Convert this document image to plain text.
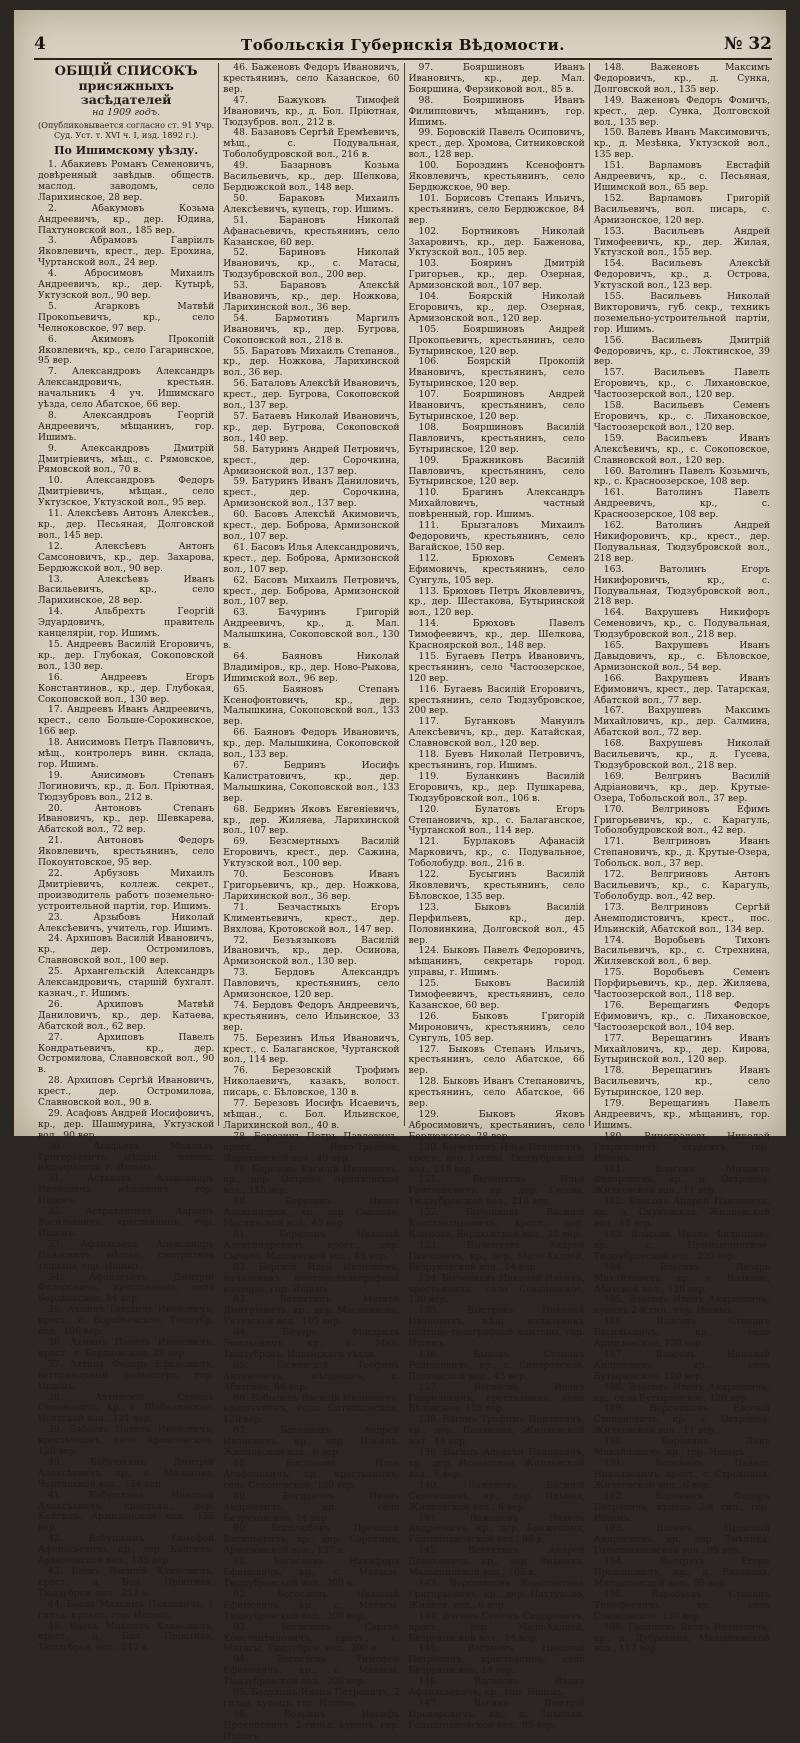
4	Тобольскія Губернскія Вѣдомости.	№ 32
ОБЩІЙ СПИСОКЪ
присяжныхъ засѣдателей
на 1909 годъ.
(Опубликовывается согласно ст. 91 Учр. Суд. Уст. т. XVI ч. I, изд. 1892 г.).
По Ишимскому уѣзду.

1. Абакиевъ Романъ Семеновичъ, довѣренный завѣдыв. обществ. маслод. заводомъ, село Ларихинское, 28 вер.

2. Абакумовъ Козьма Андреевичъ, кр., дер. Юдина, Пахтуновской вол., 185 вер.

3. Абрамовъ Гавріилъ Яковлевичъ, крест., дер. Ерохина, Чуртанской вол., 24 вер.

4. Абросимовъ Михаилъ Андреевичъ, кр., дер. Кутырѣ, Уктузской вол., 90 вер.

5. Агарковъ Матвѣй Прокопьевичъ, кр., село Челноковское, 97 вер.

6. Акимовъ Прокопій Яковлевичъ, кр., село Гагаринское, 95 вер.

7. Александровъ Александръ Александровичъ, крестьян. начальникъ 4 уч. Ишимскаго уѣзда, село Абатское, 66 вер.

8. Александровъ Георгій Андреевичъ, мѣщанинъ, гор. Ишимъ.

9. Александровъ Дмитрій Дмитріевичъ, мѣщ., с. Рямовское, Рямовской вол., 70 в.

10. Александровъ Федоръ Дмитріевичъ, мѣщан., село Уктузское, Уктузской вол., 95 вер.

11. Алексѣевъ Антонъ Алексѣев., кр., дер. Песьяная, Долговской вол., 145 вер.

12. Алексѣевъ Антонъ Самсоновичъ, кр., дер. Захарова, Бердюжской вол., 90 вер.

13. Алексѣевъ Иванъ Васильевичъ, кр., село Ларихинское, 28 вер.

14. Альбрехтъ Георгій Эдуардовичъ, правитель канцеляріи, гор. Ишимъ.

15. Андреевъ Василій Егоровичъ, кр., дер. Глубокая, Сокоповской вол., 130 вер.

16. Андреевъ Егоръ Константинов., кр., дер. Глубокая, Сокоповской вол., 130 вер.

17. Андреевъ Иванъ Андреевичъ, крест., село Больше-Сорокинское, 166 вер.

18. Анисимовъ Петръ Павловичъ, мѣщ., контролеръ винн. склада, гор. Ишимъ.

19. Анисимовъ Степанъ Логиновичъ, кр., д. Бол. Пріютная, Тюдзубровъ вол., 212 в.

20. Антоновъ Степанъ Ивановичъ, кр., дер. Шевкарева, Абатской вол., 72 вер.

21. Антоновъ Федоръ Яковлевичъ, крестьянинъ, село Покоунтовское, 95 вер.

22. Арбузовъ Михаилъ Дмитріевичъ, коллеж. секрет., производитель работъ поземельно-устроительной партіи, гор. Ишимъ.

23. Арзыбовъ Николай Алексѣевичъ, учитель, гор. Ишимъ.

24. Архиповъ Василій Ивановичъ, кр., дер. Остромиловъ, Славновской вол., 100 вер.

25. Архангельскій Александръ Александровичъ, старшій бухгалт. казнач., г. Ишимъ.

26. Архиповъ Матвѣй Даниловичъ, кр., дер. Катаева, Абатской вол., 62 вер.

27. Архиповъ Павелъ Кондратьевичъ, кр., дер. Остромилова, Славновской вол., 90 в.

28. Архиповъ Сергѣй Ивановичъ, крест., дер. Остромилова, Славновской вол., 90 в.

29. Асафовъ Андрей Иосифовичъ, кр., дер. Шашмурина, Уктузской вол., 90 вер.

30. Асафьевъ Михаилъ Григорьевичъ, мѣщан., помощ. надзирателя, г. Ишимъ.

31. Астаховъ Александръ Ивановичъ, мѣщанинъ, гор. Ишимъ.

32. Астраханцевъ Адріанъ Васильевичъ, крестьянинъ, гор. Ишимъ.

33. Афанасьевъ Александръ Павловичъ, мѣщан., смотритель тюрьмы, гор. Ишимъ.

34. Афанасьевъ Дмитрій Федоровичъ, крестьянинъ, село Бердюжское, 84 вер.

35. Ахминъ Гавріилъ Ивановичъ, крест., с. Воробьевское, Тюдзубр. вол., 106 вер.

36. Ахминъ Павелъ Ивановичъ, крест., с. Бердюжское, 28 вер.

37. Ахтинъ Федоръ Ефимовичъ, ветеринарный фельдшеръ, гор. Ишимъ.

38. Ахтинскій Семенъ Семеновичъ, кр., с. Шабалинское, Исетской вол., 121 вер.

39. Бабаевъ Павелъ Ивановичъ, крестьянинъ, село Армизонское, 120 вер.

40. Бабушкинъ Дмитрій Алексѣевичъ, кр., с. Малахово, Чуртанской вол., 134 вер.

41. Бабушкинъ Николай Алексѣевичъ, крестьян., дер. Кайгилъ, Армизонской вол., 135 вер.

42. Бабушкинъ Тимофей Афанасьевичъ, кр., дер. Кайгилъ, Армизонской вол., 135 вер.

43. Баевъ Василій Климовичъ, крест., д. Бол. Пріютная, Тюдзубров. вол., 212 в.

44. Баевъ Максимъ Павловичъ, 1 гильд. купецъ, гор. Ишимъ.

45. Баевъ Михаилъ Климовичъ, крест., д. Бол. Пріютная, Тюдзубров. вол., 212 в.

46. Баженовъ Федоръ Ивановичъ, крестьянинъ, село Казанское, 60 вер.

47. Бажуковъ Тимофей Ивановичъ, кр., д. Бол. Пріютная, Тюдзубров. вол., 212 в.

48. Базановъ Сергѣй Еремѣевичъ, мѣщ., с. Подувальная, Тоболобудровской вол., 216 в.

49. Базарновъ Козьма Васильевичъ, кр., дер. Шелкова, Бердюжской вол., 148 вер.

50. Бараковъ Михаилъ Алексѣевичъ, купецъ, гор. Ишимъ.

51. Барановъ Николай Афанасьевичъ, крестьянинъ, село Казанское, 60 вер.

52. Бариновъ Николай Ивановичъ, кр., с. Матасы, Тюдзубровской вол., 200 вер.

53. Барановъ Алексѣй Ивановичъ, кр., дер. Ножкова, Ларихинской вол., 36 вер.

54. Бармотинъ Маргилъ Ивановичъ, кр., дер. Бугрова, Сокоповской вол., 218 в.

55. Баратовъ Михаилъ Степанов., кр., дер. Ножкова, Ларихинской вол., 36 вер.

56. Баталовъ Алексѣй Ивановичъ, крест., дер. Бугрова, Сокоповской вол., 137 вер.

57. Батаевъ Николай Ивановичъ, кр., дер. Бугрова, Сокоповской вол., 140 вер.

58. Батуринъ Андрей Петровичъ, крест., дер. Сорочкина, Армизонской вол., 137 вер.

59. Батуринъ Иванъ Даниловичъ, крест., дер. Сорочкина, Армизонской вол., 137 вер.

60. Басовъ Алексѣй Акимовичъ, крест., дер. Боброва, Армизонской вол., 107 вер.

61. Басовъ Илья Александровичъ, крест., дер. Боброва, Армизонской вол., 107 вер.

62. Басовъ Михаилъ Петровичъ, крест., дер. Боброва, Армизонской вол., 107 вер.

63. Бачуринъ Григорій Андреевичъ, кр., д. Мал. Малышкина, Сокоповской вол., 130 в.

64. Баяновъ Николай Владиміров., кр., дер. Ново-Рыкова, Ишимской вол., 96 вер.

65. Баяновъ Степанъ Ксенофонтовичъ, кр., дер. Малышкина, Сокоповской вол., 133 вер.

66. Баяновъ Федоръ Ивановичъ, кр., дер. Малышкина, Сокоповской вол., 133 вер.

67. Бедринъ Иосифъ Калистратовичъ, кр., дер. Малышкина, Сокоповской вол., 133 вер.

68. Бедринъ Яковъ Евгеніевичъ, кр., дер. Жиляева, Ларихинской вол., 107 вер.

69. Безсмертныхъ Василій Егоровичъ, крест., дер. Сажина, Уктузской вол., 100 вер.

70. Безсоновъ Иванъ Григорьевичъ, кр., дер. Ножкова, Ларихинской вол., 36 вер.

71. Безчастныхъ Егоръ Климентьевичъ, крест., дер. Вяхлова, Кротовской вол., 147 вер.

72. Безъязыковъ Василій Ивановичъ, кр., дер. Осинова, Армизонской вол., 130 вер.

73. Бердовъ Александръ Павловичъ, крестьянинъ, село Армизонское, 120 вер.

74. Бердовъ Федоръ Андреевичъ, крестьянинъ, село Ильинское, 33 вер.

75. Березинъ Илья Ивановичъ, крест., с. Балаганское, Чуртанской вол., 114 вер.

76. Березовскій Трофимъ Николаевичъ, казакъ, волост. писарь, с. Бѣловское, 130 в.

77. Березовъ Иосифъ Исаевичъ, мѣщан., с. Бол. Ильинское, Ларихинской вол., 40 в.

78. Березинъ Петръ Павловичъ, крест., с. Ново-Травное, Ларихинской вол., 40 вер.

79. Березовъ Василій Ивановичъ, кр., дер. Острова, Армизонской вол., 115 вер.

80. Березинъ Иванъ Александров., кр., дер. Сысоева, Маслянской вол., 45 вер.

81. Березинъ Николай Александровичъ, крест., дер. Сычева, Маслянской вол., 45 вер.

82. Берскій Илья Ивановичъ, начальникъ почтово-телеграфной конторы, гор. Ишимъ.

83. Бетехтинъ Матвѣй Дмитріевичъ, кр., дер. Масленкова, Уктузской вол., 105 вер.

84. Бечурь Фридрихъ Эмильевичъ, кр., с. Мал. Тюдзубровъ, Ишимскаго уѣзда.

85. Бижевскій Теофилъ Антоновичъ, мѣщанинъ, с. Абатское, 66 вер.

86. Бобылевъ Василій Ивановичъ, крестьянинъ, село Ситниковское, 129 вер.

87. Богдановъ Андрей Ивановичъ, кр., дер. Ильина, Жиляевской вол., 6 вер.

88. Богдановъ Илья Агафоновичъ, кр., крестьянинъ, село Сокоповское, 130 вер.

89. Богдановъ Иванъ Андреевичъ, кр., село Безруковское, 14 вер.

90. Боголюбовъ Прокопій Васильевичъ, кр., дер. Сорокина, Армизонской вол., 137 в.

91. Богословъ Никифоръ Ефимовичъ, кр., с. Матасы, Тюдзубровской вол., 200 в.

92. Богословъ Николай Ефимовичъ, кр., с. Матасы, Тюдзубровской вол., 200 вер.

93. Богословъ Сергѣй Константиновичъ, крест., с. Матасы, Тюдзубров. вол., 200 в.

94. Богословъ Тимофей Ефимовичъ, кр., с. Матасы, Тюдзубровской вол., 200 вер.

95. Бодухинъ Иванъ Петровичъ, 2 гильд. купецъ, гор. Ишимъ.

96. Бояринъ Иосифъ Прокоповичъ, 2 гильд. купецъ, гор. Ишимъ.

97. Бояршиновъ Иванъ Ивановичъ, кр., дер. Мал. Бояршина, Ферзиковой вол., 85 в.

98. Бояршиновъ Иванъ Филипповичъ, мѣщанинъ, гор. Ишимъ.

99. Боровскій Павелъ Осиповичъ, крест., дер. Хромова, Ситниковской вол., 128 вер.

100. Бороздинъ Ксенофонтъ Яковлевичъ, крестьянинъ, село Бердюжское, 90 вер.

101. Борисовъ Степанъ Ильичъ, крестьянинъ, село Бердюжское, 84 вер.

102. Бортниковъ Николай Захаровичъ, кр., дер. Баженова, Уктузской вол., 105 вер.

103. Бояринъ Дмитрій Григорьев., кр., дер. Озерная, Армизонской вол., 107 вер.

104. Боярскій Николай Егоровичъ, кр., дер. Озерная, Армизонской вол., 120 вер.

105. Бояршиновъ Андрей Прокопьевичъ, крестьянинъ, село Бутыринское, 120 вер.

106. Боярскій Прокопій Ивановичъ, крестьянинъ, село Бутыринское, 120 вер.

107. Бояршиновъ Андрей Ивановичъ, крестьянинъ, село Бутыринское, 120 вер.

108. Бояршиновъ Василій Павловичъ, крестьянинъ, село Бутыринское, 120 вер.

109. Бражниковъ Василій Павловичъ, крестьянинъ, село Бутыринское, 120 вер.

110. Брагинъ Александръ Михайловичъ, частный повѣренный, гор. Ишимъ.

111. Брызгаловъ Михаилъ Федоровичъ, крестьянинъ, село Вагайское, 150 вер.

112. Брюховъ Семенъ Ефимовичъ, крестьянинъ, село Сунгуль, 105 вер.

113. Брюховъ Петръ Яковлевичъ, кр., дер. Шестакова, Бутыринской вол., 120 вер.

114. Брюховъ Павелъ Тимофеевичъ, кр., дер. Шелкова, Красноярской вол., 148 вер.

115. Бугаевъ Петръ Ивановичъ, крестьянинъ, село Частоозерское, 120 вер.

116. Бугаевъ Василій Егоровичъ, крестьянинъ, село Тюдзубровское, 200 вер.

117. Буганковъ Мануилъ Алексѣевичъ, кр., дер. Катайская, Славновской вол., 120 вер.

118. Буевъ Николай Петровичъ, крестьянинъ, гор. Ишимъ.

119. Буланкинъ Василій Егоровичъ, кр., дер. Пушкарева, Тюдзубровской вол., 106 в.

120. Булатовъ Егоръ Степановичъ, кр., с. Балаганское, Чуртанской вол., 114 вер.

121. Бурлаковъ Афанасій Марковичъ, кр., с. Подувальное, Тоболобудр. вол., 216 в.

122. Бусыгинъ Василій Яковлевичъ, крестьянинъ, село Бѣловское, 135 вер.

123. Быковъ Василій Перфильевъ, кр., дер. Половинкина, Долговской вол., 45 вер.

124. Быковъ Павелъ Федоровичъ, мѣщанинъ, секретарь город. управы, г. Ишимъ.

125. Быковъ Василій Тимофеевичъ, крестьянинъ, село Казанское, 60 вер.

126. Быковъ Григорій Мироновичъ, крестьянинъ, село Сунгуль, 105 вер.

127. Быковъ Степанъ Ильичъ, крестьянинъ, село Абатское, 66 вер.

128. Быковъ Иванъ Степановичъ, крестьянинъ, село Абатское, 66 вер.

129. Быковъ Яковъ Абросимовичъ, крестьянинъ, село Бердюжское, 28 вер.

130. Быченковъ Илья Ивановичъ, крест., дер. Гусева, Тюдзубровской вол., 218 вер.

131. Быченковъ Илья Григорьевичъ, кр., дер. Гусева, Тюдзубровской вол., 218 вер.

132. Быченковъ Василій Константиновичъ, крест., дер. Климова, Бердюжской вол., 25 вер.

133. Быченковъ Андрей Павловичъ, кр., дер. Мало-Халдей, Безруковской вол., 14 вер.

134. Быченковъ Николай Ильичъ, крестьянинъ, село Сокоповское, 130 вер.

135. Быстровъ Николай Ивановичъ, мѣщ., начальникъ почтово-телеграфной конторы, гор. Ишимъ.

136. Быховъ Степанъ Родіоновичъ, кр., с. Сидоровское, Долговской вол., 45 вер.

137. Вагановъ Иванъ Гавриловичъ, крестьянинъ, село Бѣловское, 135 вер.

138. Ваганъ Трофимъ Павловичъ, кр., дер. Паламина, Жиляевской вол., 14 вер.

139. Вагинъ Алексѣй Ивановичъ, кр., дер. Исаевщина, Жиляевской вол., 6 вер.

140. Важеновъ Василій Семеновичъ, кр., дер. Ильина, Жиляевской вол., 6 вер.

141. Важеновъ Павелъ Андреевичъ, кр., дер. Бражекина, Голышмановской вол., 98 в.

142. Ветехтинъ Андрей Денисовичъ, кр., дер. Змѣинка, Малышинской вол., 105 в.

143. Ворошиловъ Константинъ Григорьевичъ, кр., дер. Пахтуново, Жиляев. вол., 6 вер.

144. Вагинъ Семенъ Сидоровичъ, крест., дер. Мало-Халдей, Безруковской вол., 14 вер.

145. Вагиновъ Николай Петровичъ, крестьянинъ, село Безруковское, 14 вер.

146. Вагановъ Иванъ Афанасьевичъ, кр., гор. Ишимъ.

147. Вагинъ Дмитрій Прохоровичъ, кр., д. Змѣинка, Голышмановской вол., 95 вер.

148. Важеновъ Максимъ Федоровичъ, кр., д. Сунка, Долговской вол., 135 вер.

149. Важеновъ Федоръ Фомичъ, крест., дер. Сунка, Долговской вол., 135 вер.

150. Валевъ Иванъ Максимовичъ, кр., д. Мезѣнка, Уктузской вол., 135 вер.

151. Варламовъ Евстафій Андреевичъ, кр., с. Песьяная, Ишимской вол., 65 вер.

152. Варламовъ Григорій Васильевичъ, вол. писарь, с. Армизонское, 120 вер.

153. Васильевъ Андрей Тимофеевичъ, кр., дер. Жилая, Уктузской вол., 155 вер.

154. Васильевъ Алексѣй Федоровичъ, кр., д. Острова, Уктузской вол., 123 вер.

155. Васильевъ Николай Викторовичъ, губ. секр., техникъ поземельно-устроительной партіи, гор. Ишимъ.

156. Васильевъ Дмитрій Федоровичъ, кр., с. Локтинское, 39 вер.

157. Васильевъ Павелъ Егоровичъ, кр., с. Лихановское, Частоозерской вол., 120 вер.

158. Васильевъ Семенъ Егоровичъ, кр., с. Лихановское, Частоозерской вол., 120 вер.

159. Васильевъ Иванъ Алексѣевичъ, кр., с. Сокоповское, Славновской вол., 120 вер.

160. Ватолинъ Павелъ Козьмичъ, кр., с. Красноозерское, 108 вер.

161. Ватолинъ Павелъ Андреевичъ, кр., с. Красноозерское, 108 вер.

162. Ватолинъ Андрей Никифоровичъ, кр., крест., дер. Подувальная, Тюдзубровской вол., 218 вер.

163. Ватолинъ Егоръ Никифоровичъ, кр., с. Подувальная, Тюдзубровской вол., 218 вер.

164. Вахрушевъ Никифоръ Семеновичъ, кр., с. Подувальная, Тюдзубровской вол., 218 вер.

165. Вахрушевъ Иванъ Давыдовичъ, кр., с. Бѣловское, Армизонской вол., 54 вер.

166. Вахрушевъ Иванъ Ефимовичъ, крест., дер. Татарская, Абатской вол., 77 вер.

167. Вахрушевъ Максимъ Михайловичъ, кр., дер. Салмина, Абатской вол., 72 вер.

168. Вахрушевъ Николай Васильевичъ, кр., д. Гусева, Тюдзубровской вол., 218 вер.

169. Велгринъ Василій Адріановичъ, кр., дер. Крутые-Озера, Тобольской вол., 37 вер.

170. Велгриновъ Ефимъ Григорьевичъ, кр., с. Карагуль, Тоболобудровской вол., 42 вер.

171. Велгриновъ Иванъ Степановичъ, кр., д. Крутые-Озера, Тобольск. вол., 37 вер.

172. Велгриновъ Антонъ Васильевичъ, кр., с. Карагуль, Тоболобудр. вол., 42 вер.

173. Велгриновъ Сергѣй Анемподистовичъ, крест., пос. Ильинскій, Абатской вол., 134 вер.

174. Воробьевъ Тихонъ Васильевичъ, кр., с. Стрехнина, Жиляевской вол., 6 вер.

175. Воробьевъ Семенъ Порфирьевичъ, кр., дер. Жиляева, Частоозерской вол., 118 вер.

176. Верещагинъ Федоръ Ефимовичъ, кр., с. Лихановское, Частоозерской вол., 104 вер.

177. Верещагинъ Иванъ Михайловичъ, кр., дер. Кирова, Бутыринской вол., 120 вер.

178. Верещагинъ Иванъ Васильевичъ, кр., село Бутыринское, 120 вер.

179. Верещагинъ Павелъ Андреевичъ, кр., мѣщанинъ, гор. Ишимъ.

180. Виноградовъ Николай Гавриловичъ, студентъ, гор. Ишимъ.

181. Власовъ Михаилъ Федоровичъ, кр., д. Островна, Жиляевской вол., 11 вер.

182. Власовъ Андрей Павловичъ, кр., д. Окуневская, Жиляевской вол., 15 вер.

183. Власовъ Иванъ Филиппов., кр., с. Примыслинское, Тюдзубровской вол., 200 вер.

184. Власовъ Лазарь Михайловичъ, кр., с. Волково, Абатской вол., 120 вер.

185. Власовъ Иванъ Андреевичъ, купецъ 2-й гил., гор. Ишимъ.

186. Власовъ Степанъ Васильевичъ, кр., село Армизонское, 120 вер.

187. Власовъ Николай Андреевичъ, кр., село Бутыринское, 120 вер.

188. Власовъ Иванъ Андреевичъ, кр., село Бутыринское, 120 вер.

189. Ворониковъ Евсевій Степановичъ, кр., с. Островна, Жиляевской вол., 11 вер.

190. Воронинъ Левъ Михайловичъ, кр., гор. Ишимъ.

191. Воронинъ Павелъ Николаевичъ, крест., с. Стрехнина, Жиляевской вол., 6 вер.

192. Воронинъ Федоръ Петровичъ, купецъ 2-й гил., гор. Ишимъ.

193. Вагинъ Прокопій Андреевичъ, кр., дер. Змѣинка, Голышмановской вол., 95 вер.

194. Вострухъ Егоръ Прокоповичъ, кр., д. Рязанова, Малышинской вол., 95 вер.

195. Воробьевъ Степанъ Тимофеевичъ, кр., село Сокоповское, 130 вер.

196. Галашевъ Яковъ Ивановичъ, кр., д. Дубровина, Малышинской вол., 117 вер.
